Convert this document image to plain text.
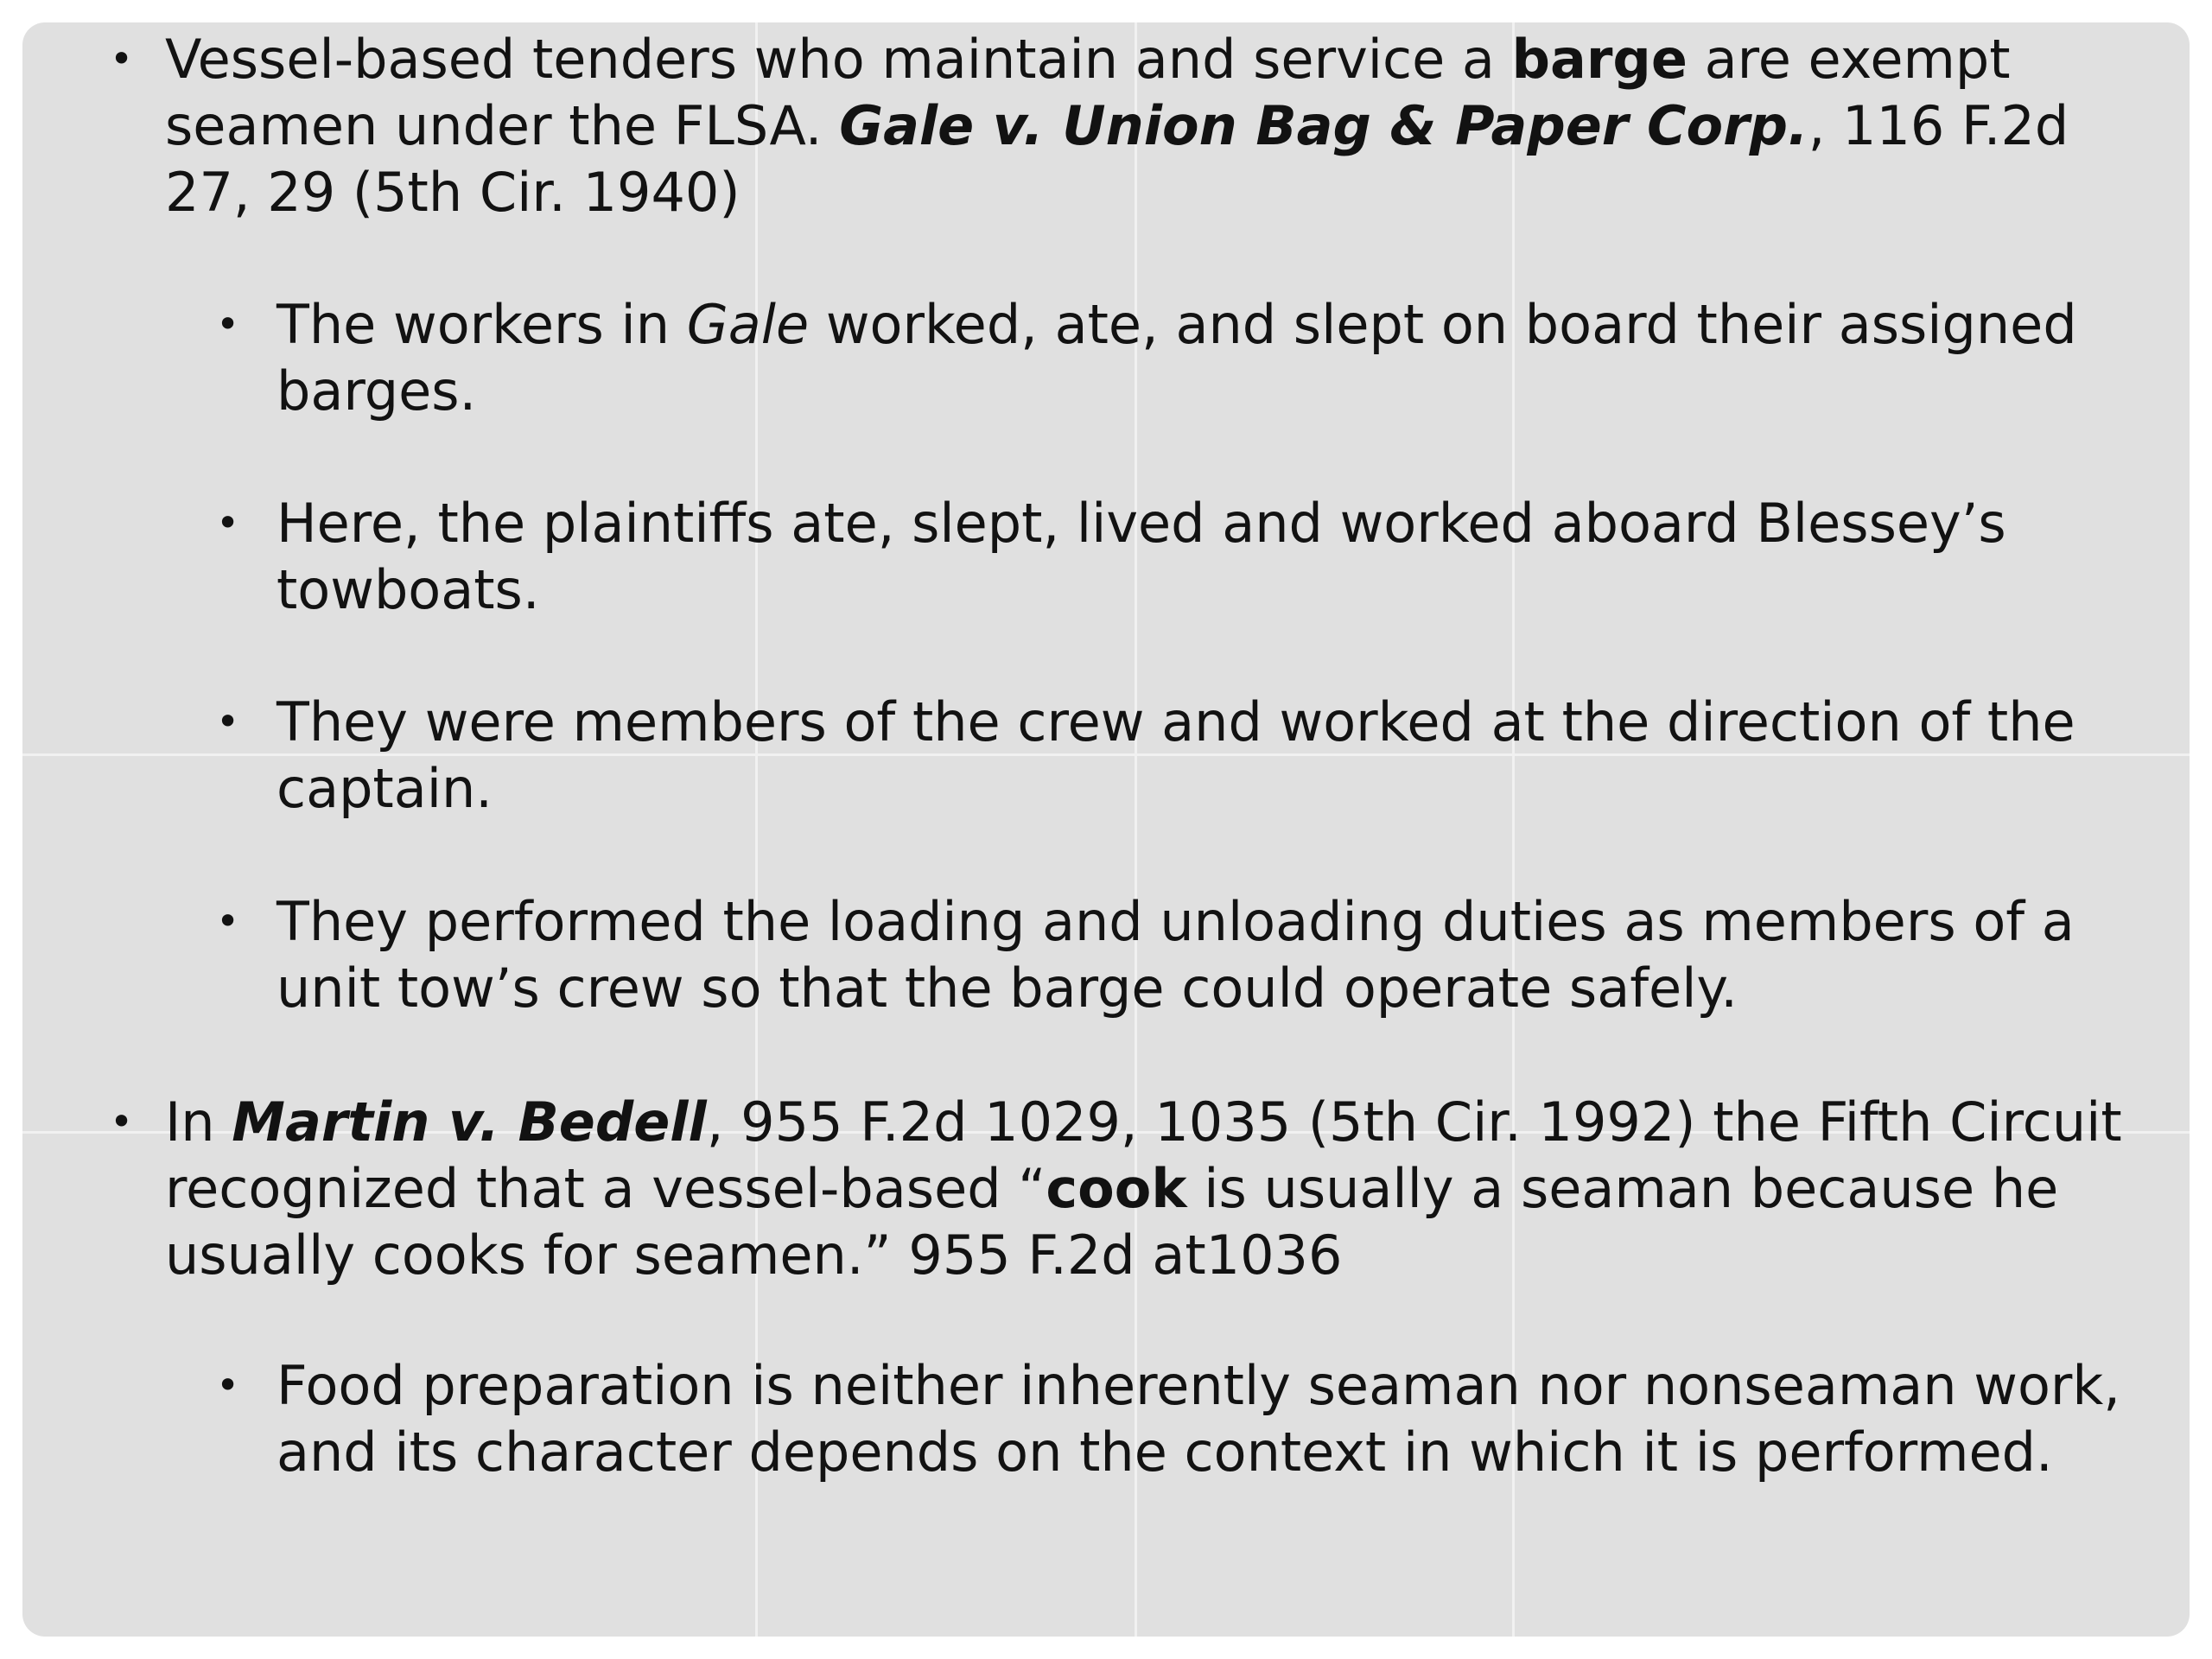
• Vessel-based tenders who maintain and service a barge are exempt seamen under the FLSA. Gale v. Union Bag & Paper Corp., 116 F.2d 27, 29 (5th Cir. 1940)
• The workers in Gale worked, ate, and slept on board their assigned barges.
• Here, the plaintiffs ate, slept, lived and worked aboard Blessey’s towboats.
• They were members of the crew and worked at the direction of the captain.
• They performed the loading and unloading duties as members of a unit tow’s crew so that the barge could operate safely.
• In Martin v. Bedell, 955 F.2d 1029, 1035 (5th Cir. 1992) the Fifth Circuit recognized that a vessel-based “cook is usually a seaman because he usually cooks for seamen.” 955 F.2d at1036
• Food preparation is neither inherently seaman nor nonseaman work, and its character depends on the context in which it is performed.
